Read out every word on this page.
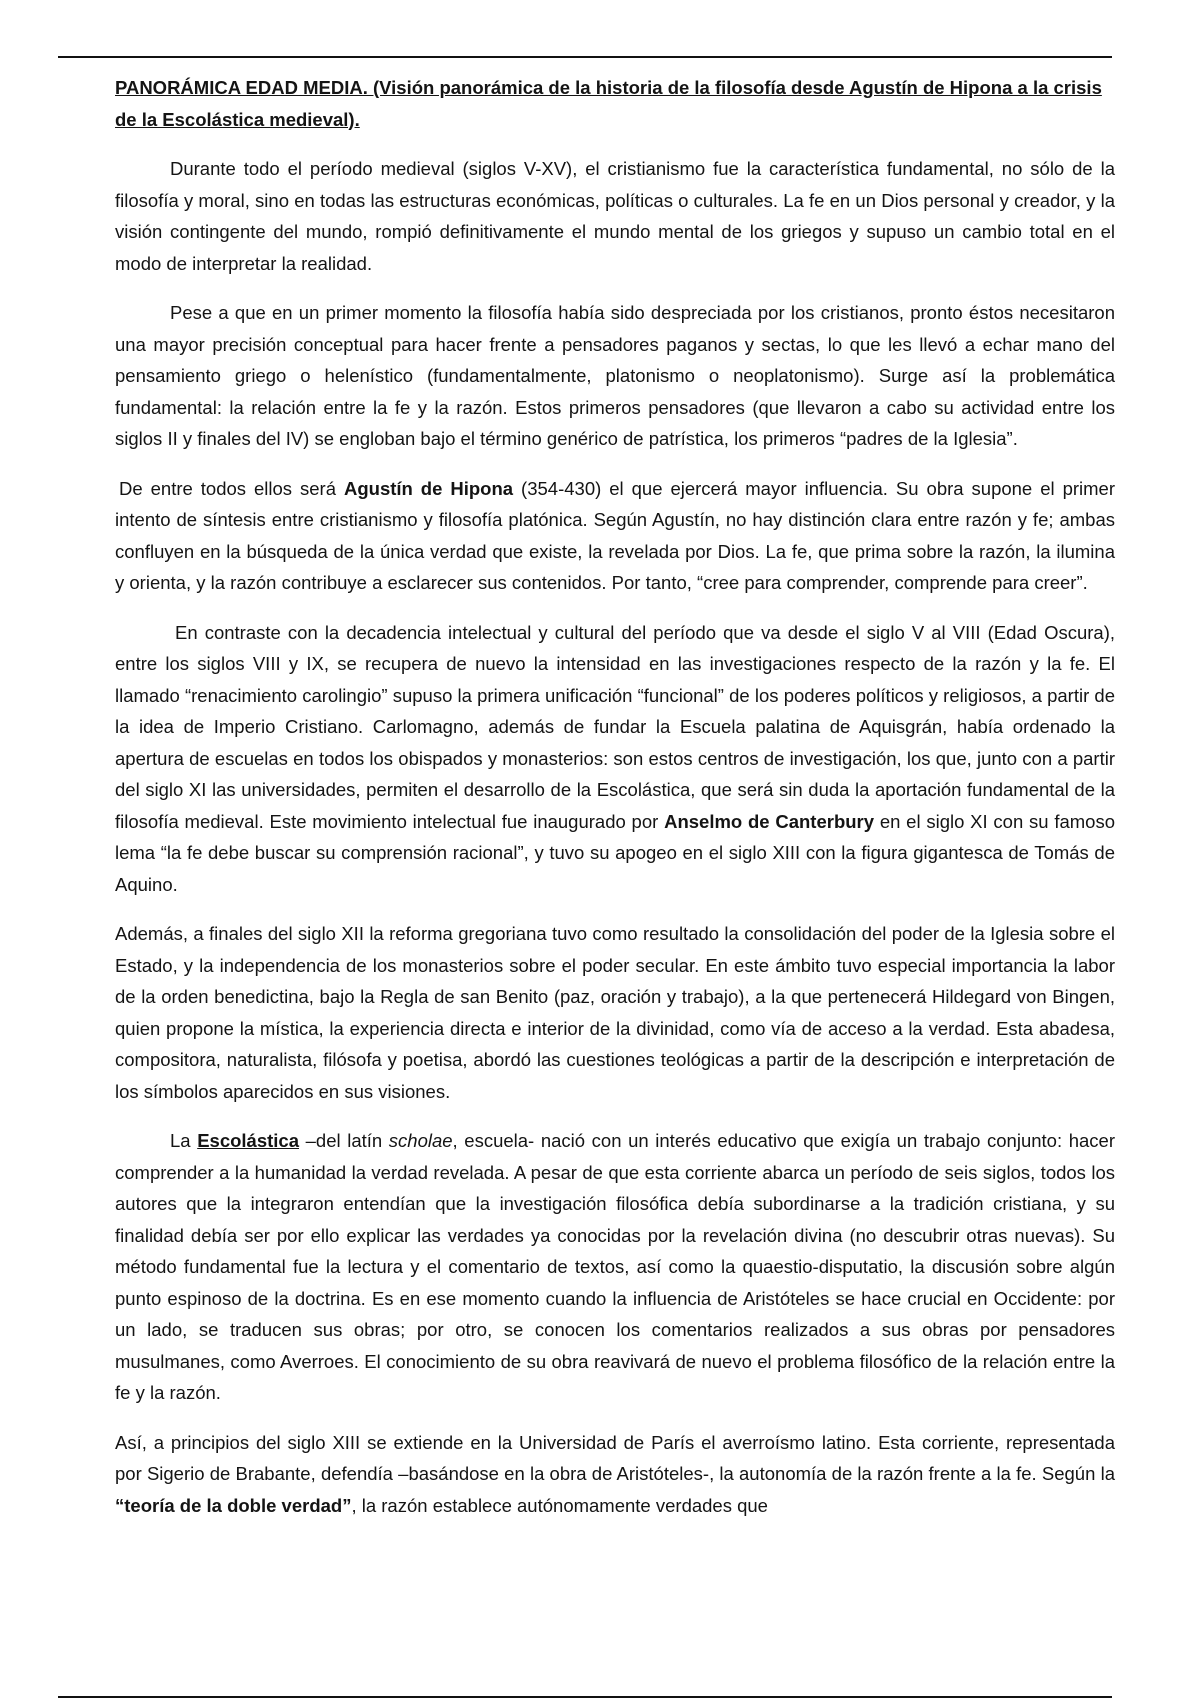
PANORÁMICA EDAD MEDIA. (Visión panorámica de la historia de la filosofía desde Agustín de Hipona a la crisis de la Escolástica medieval).

Durante todo el período medieval (siglos V-XV), el cristianismo fue la característica fundamental, no sólo de la filosofía y moral, sino en todas las estructuras económicas, políticas o culturales. La fe en un Dios personal y creador, y la visión contingente del mundo, rompió definitivamente el mundo mental de los griegos y supuso un cambio total en el modo de interpretar la realidad.

Pese a que en un primer momento la filosofía había sido despreciada por los cristianos, pronto éstos necesitaron una mayor precisión conceptual para hacer frente a pensadores paganos y sectas, lo que les llevó a echar mano del pensamiento griego o helenístico (fundamentalmente, platonismo o neoplatonismo). Surge así la problemática fundamental: la relación entre la fe y la razón. Estos primeros pensadores (que llevaron a cabo su actividad entre los siglos II y finales del IV) se engloban bajo el término genérico de patrística, los primeros “padres de la Iglesia”.

De entre todos ellos será Agustín de Hipona (354-430) el que ejercerá mayor influencia. Su obra supone el primer intento de síntesis entre cristianismo y filosofía platónica. Según Agustín, no hay distinción clara entre razón y fe; ambas confluyen en la búsqueda de la única verdad que existe, la revelada por Dios. La fe, que prima sobre la razón, la ilumina y orienta, y la razón contribuye a esclarecer sus contenidos. Por tanto, “cree para comprender, comprende para creer”.

En contraste con la decadencia intelectual y cultural del período que va desde el siglo V al VIII (Edad Oscura), entre los siglos VIII y IX, se recupera de nuevo la intensidad en las investigaciones respecto de la razón y la fe. El llamado “renacimiento carolingio” supuso la primera unificación “funcional” de los poderes políticos y religiosos, a partir de la idea de Imperio Cristiano. Carlomagno, además de fundar la Escuela palatina de Aquisgrán, había ordenado la apertura de escuelas en todos los obispados y monasterios: son estos centros de investigación, los que, junto con a partir del siglo XI las universidades, permiten el desarrollo de la Escolástica, que será sin duda la aportación fundamental de la filosofía medieval. Este movimiento intelectual fue inaugurado por Anselmo de Canterbury en el siglo XI con su famoso lema “la fe debe buscar su comprensión racional”, y tuvo su apogeo en el siglo XIII con la figura gigantesca de Tomás de Aquino.

Además, a finales del siglo XII la reforma gregoriana tuvo como resultado la consolidación del poder de la Iglesia sobre el Estado, y la independencia de los monasterios sobre el poder secular. En este ámbito tuvo especial importancia la labor de la orden benedictina, bajo la Regla de san Benito (paz, oración y trabajo), a la que pertenecerá Hildegard von Bingen, quien propone la mística, la experiencia directa e interior de la divinidad, como vía de acceso a la verdad. Esta abadesa, compositora, naturalista, filósofa y poetisa, abordó las cuestiones teológicas a partir de la descripción e interpretación de los símbolos aparecidos en sus visiones.

La Escolástica –del latín scholae, escuela- nació con un interés educativo que exigía un trabajo conjunto: hacer comprender a la humanidad la verdad revelada. A pesar de que esta corriente abarca un período de seis siglos, todos los autores que la integraron entendían que la investigación filosófica debía subordinarse a la tradición cristiana, y su finalidad debía ser por ello explicar las verdades ya conocidas por la revelación divina (no descubrir otras nuevas). Su método fundamental fue la lectura y el comentario de textos, así como la quaestio-disputatio, la discusión sobre algún punto espinoso de la doctrina. Es en ese momento cuando la influencia de Aristóteles se hace crucial en Occidente: por un lado, se traducen sus obras; por otro, se conocen los comentarios realizados a sus obras por pensadores musulmanes, como Averroes. El conocimiento de su obra reavivará de nuevo el problema filosófico de la relación entre la fe y la razón.

Así, a principios del siglo XIII se extiende en la Universidad de París el averroísmo latino. Esta corriente, representada por Sigerio de Brabante, defendía –basándose en la obra de Aristóteles-, la autonomía de la razón frente a la fe. Según la “teoría de la doble verdad”, la razón establece autónomamente verdades que
